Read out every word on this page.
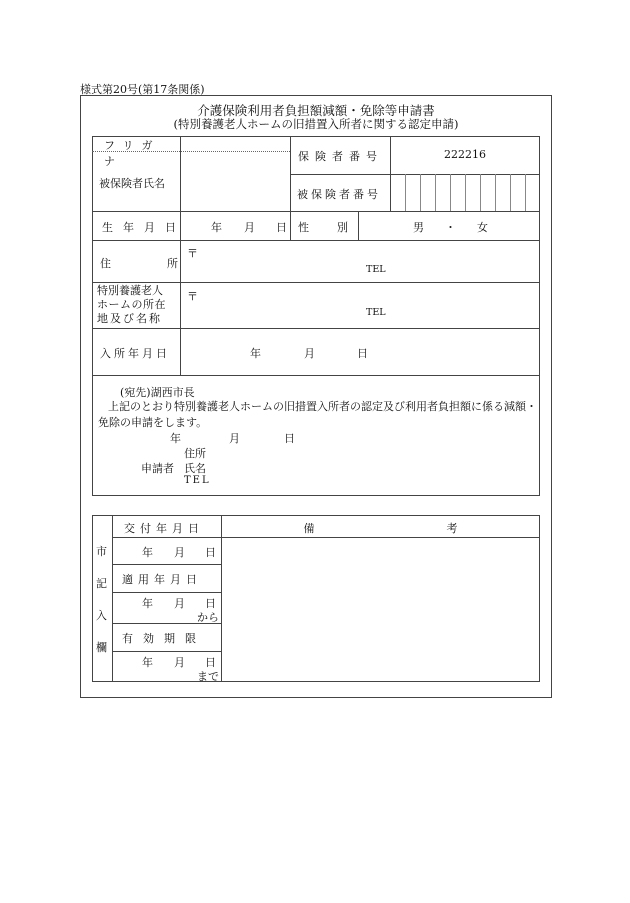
様式第20号(第17条関係)
介護保険利用者負担額減額・免除等申請書
(特別養護老人ホームの旧措置入所者に関する認定申請)
フリガナ
被保険者氏名
保険者番号	222216
被保険者番号
生年月日 年 月 日 性別	男 ・ 女
住所
〒
TEL
特別養護老人
ホームの所在
地及び名称
〒
TEL
入所年月日	年	月	日
(宛先)湖西市長
上記のとおり特別養護老人ホームの旧措置入所者の認定及び利用者負担額に係る減額・
免除の申請をします。
年	月	日
住所
申請者 氏名
TEL
市
記
入
欄
交付年月日	備　　　　　　　　　　　　考
年 月 日
適用年月日
年 月 日
から
有効期限
年 月 日
まで
